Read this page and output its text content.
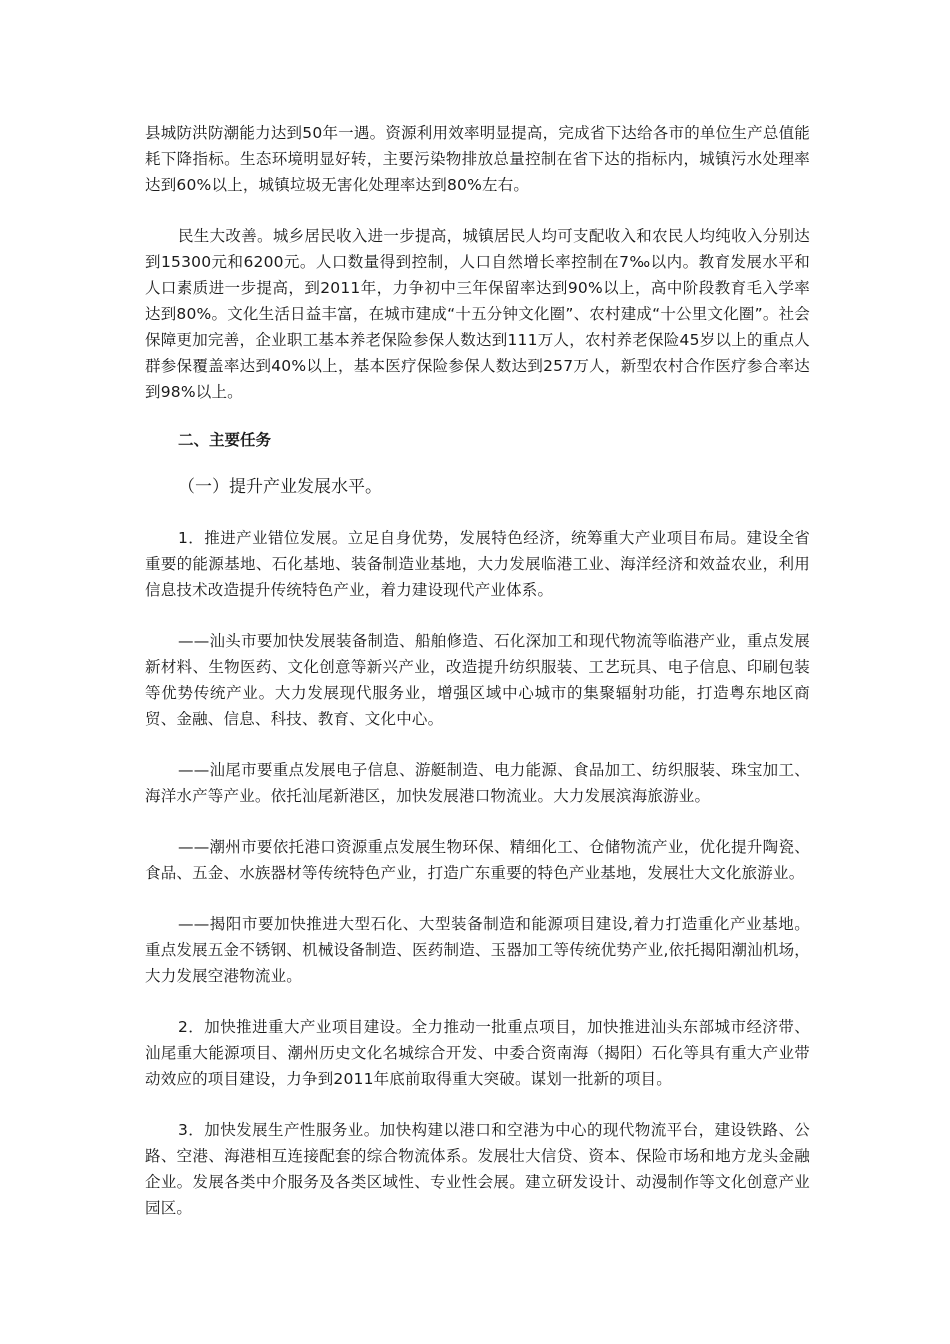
县城防洪防潮能力达到50年一遇。资源利用效率明显提高，完成省下达给各市的单位生产总值能耗下降指标。生态环境明显好转，主要污染物排放总量控制在省下达的指标内，城镇污水处理率达到60%以上，城镇垃圾无害化处理率达到80%左右。

民生大改善。城乡居民收入进一步提高，城镇居民人均可支配收入和农民人均纯收入分别达到15300元和6200元。人口数量得到控制，人口自然增长率控制在7‰以内。教育发展水平和人口素质进一步提高，到2011年，力争初中三年保留率达到90%以上，高中阶段教育毛入学率达到80%。文化生活日益丰富，在城市建成“十五分钟文化圈”、农村建成“十公里文化圈”。社会保障更加完善，企业职工基本养老保险参保人数达到111万人，农村养老保险45岁以上的重点人群参保覆盖率达到40%以上，基本医疗保险参保人数达到257万人，新型农村合作医疗参合率达到98%以上。

二、主要任务

（一）提升产业发展水平。

1．推进产业错位发展。立足自身优势，发展特色经济，统筹重大产业项目布局。建设全省重要的能源基地、石化基地、装备制造业基地，大力发展临港工业、海洋经济和效益农业，利用信息技术改造提升传统特色产业，着力建设现代产业体系。

——汕头市要加快发展装备制造、船舶修造、石化深加工和现代物流等临港产业，重点发展新材料、生物医药、文化创意等新兴产业，改造提升纺织服装、工艺玩具、电子信息、印刷包装等优势传统产业。大力发展现代服务业，增强区域中心城市的集聚辐射功能，打造粤东地区商贸、金融、信息、科技、教育、文化中心。

——汕尾市要重点发展电子信息、游艇制造、电力能源、食品加工、纺织服装、珠宝加工、海洋水产等产业。依托汕尾新港区，加快发展港口物流业。大力发展滨海旅游业。

——潮州市要依托港口资源重点发展生物环保、精细化工、仓储物流产业，优化提升陶瓷、食品、五金、水族器材等传统特色产业，打造广东重要的特色产业基地，发展壮大文化旅游业。

——揭阳市要加快推进大型石化、大型装备制造和能源项目建设,着力打造重化产业基地。重点发展五金不锈钢、机械设备制造、医药制造、玉器加工等传统优势产业,依托揭阳潮汕机场，大力发展空港物流业。

2．加快推进重大产业项目建设。全力推动一批重点项目，加快推进汕头东部城市经济带、汕尾重大能源项目、潮州历史文化名城综合开发、中委合资南海（揭阳）石化等具有重大产业带动效应的项目建设，力争到2011年底前取得重大突破。谋划一批新的项目。

3．加快发展生产性服务业。加快构建以港口和空港为中心的现代物流平台，建设铁路、公路、空港、海港相互连接配套的综合物流体系。发展壮大信贷、资本、保险市场和地方龙头金融企业。发展各类中介服务及各类区域性、专业性会展。建立研发设计、动漫制作等文化创意产业园区。
